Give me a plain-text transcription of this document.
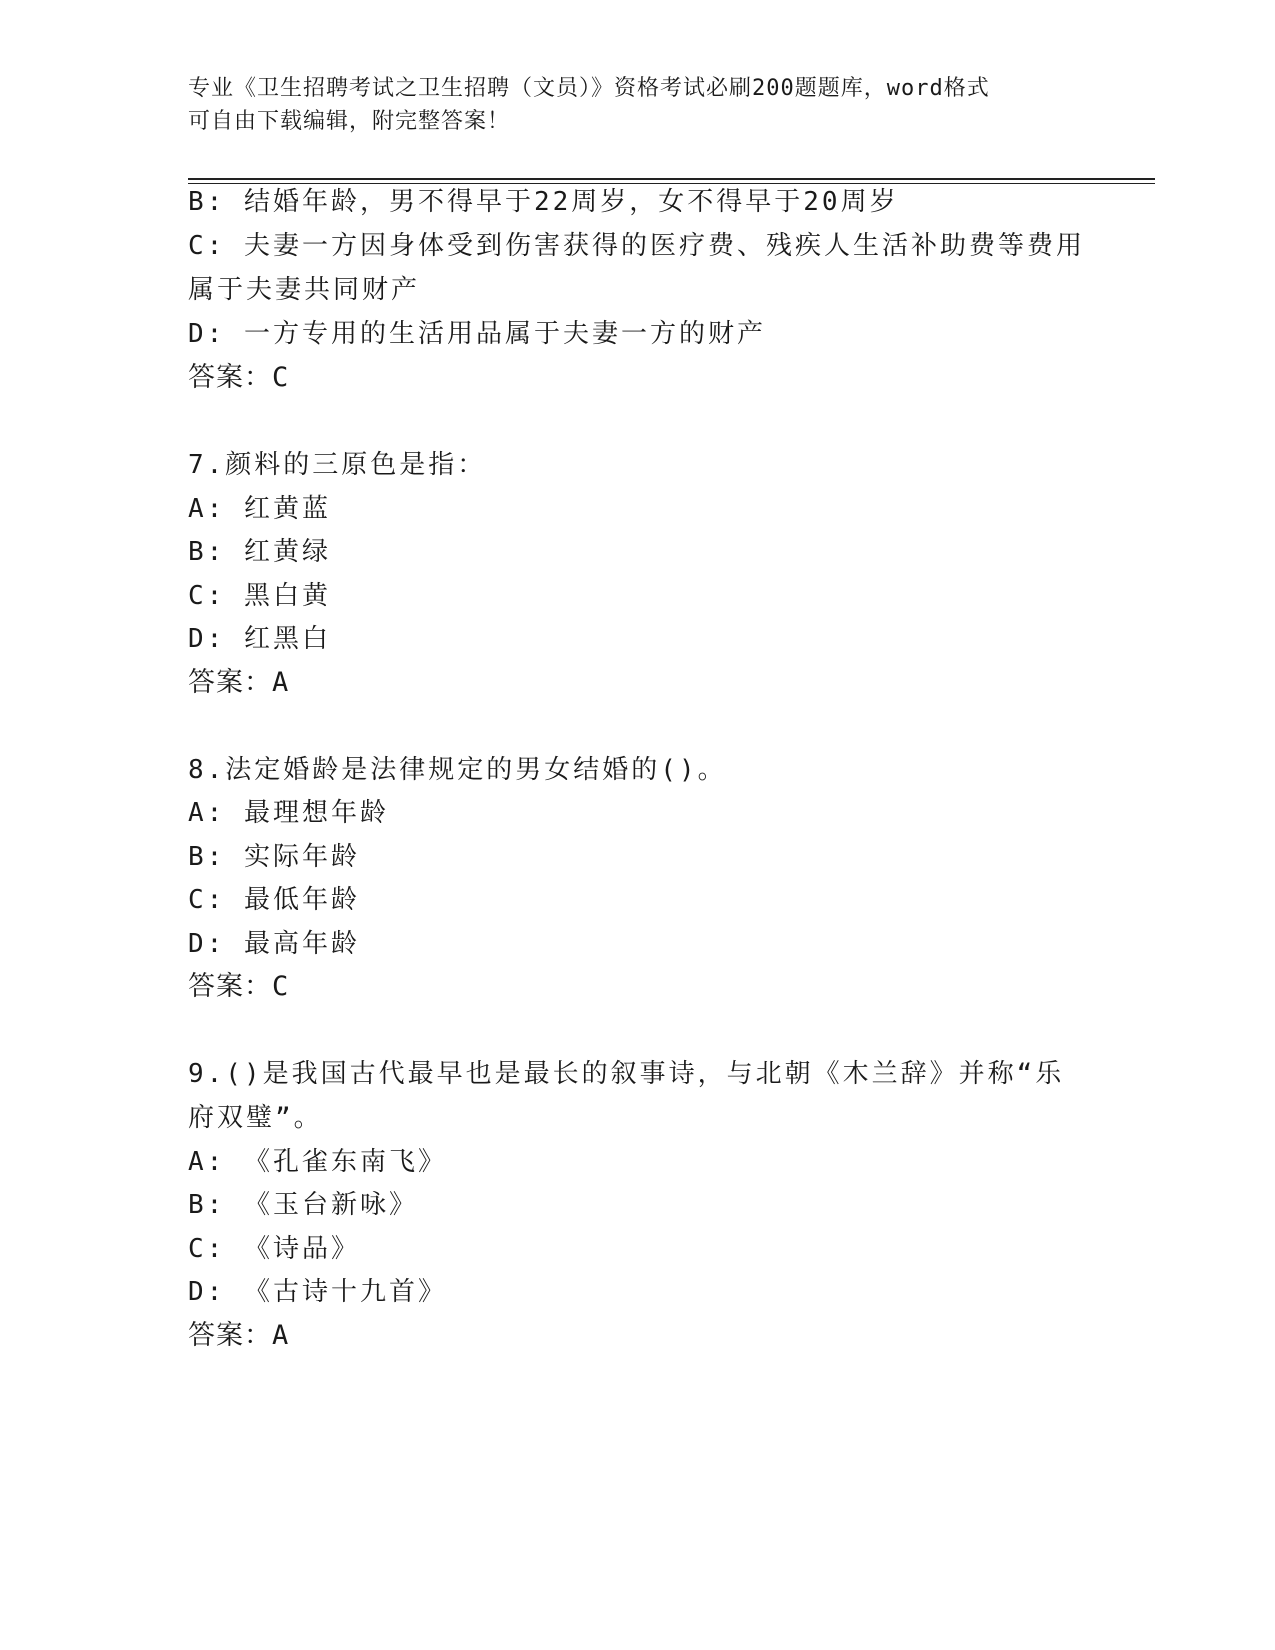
专业《卫生招聘考试之卫生招聘（文员）》资格考试必刷200题题库，word格式
可自由下载编辑，附完整答案！
B: 结婚年龄，男不得早于22周岁，女不得早于20周岁
C: 夫妻一方因身体受到伤害获得的医疗费、残疾人生活补助费等费用
属于夫妻共同财产
D: 一方专用的生活用品属于夫妻一方的财产
答案：C
7.颜料的三原色是指：
A: 红黄蓝
B: 红黄绿
C: 黑白黄
D: 红黑白
答案：A
8.法定婚龄是法律规定的男女结婚的()。
A: 最理想年龄
B: 实际年龄
C: 最低年龄
D: 最高年龄
答案：C
9.()是我国古代最早也是最长的叙事诗，与北朝《木兰辞》并称“乐
府双璧”。
A: 《孔雀东南飞》
B: 《玉台新咏》
C: 《诗品》
D: 《古诗十九首》
答案：A
